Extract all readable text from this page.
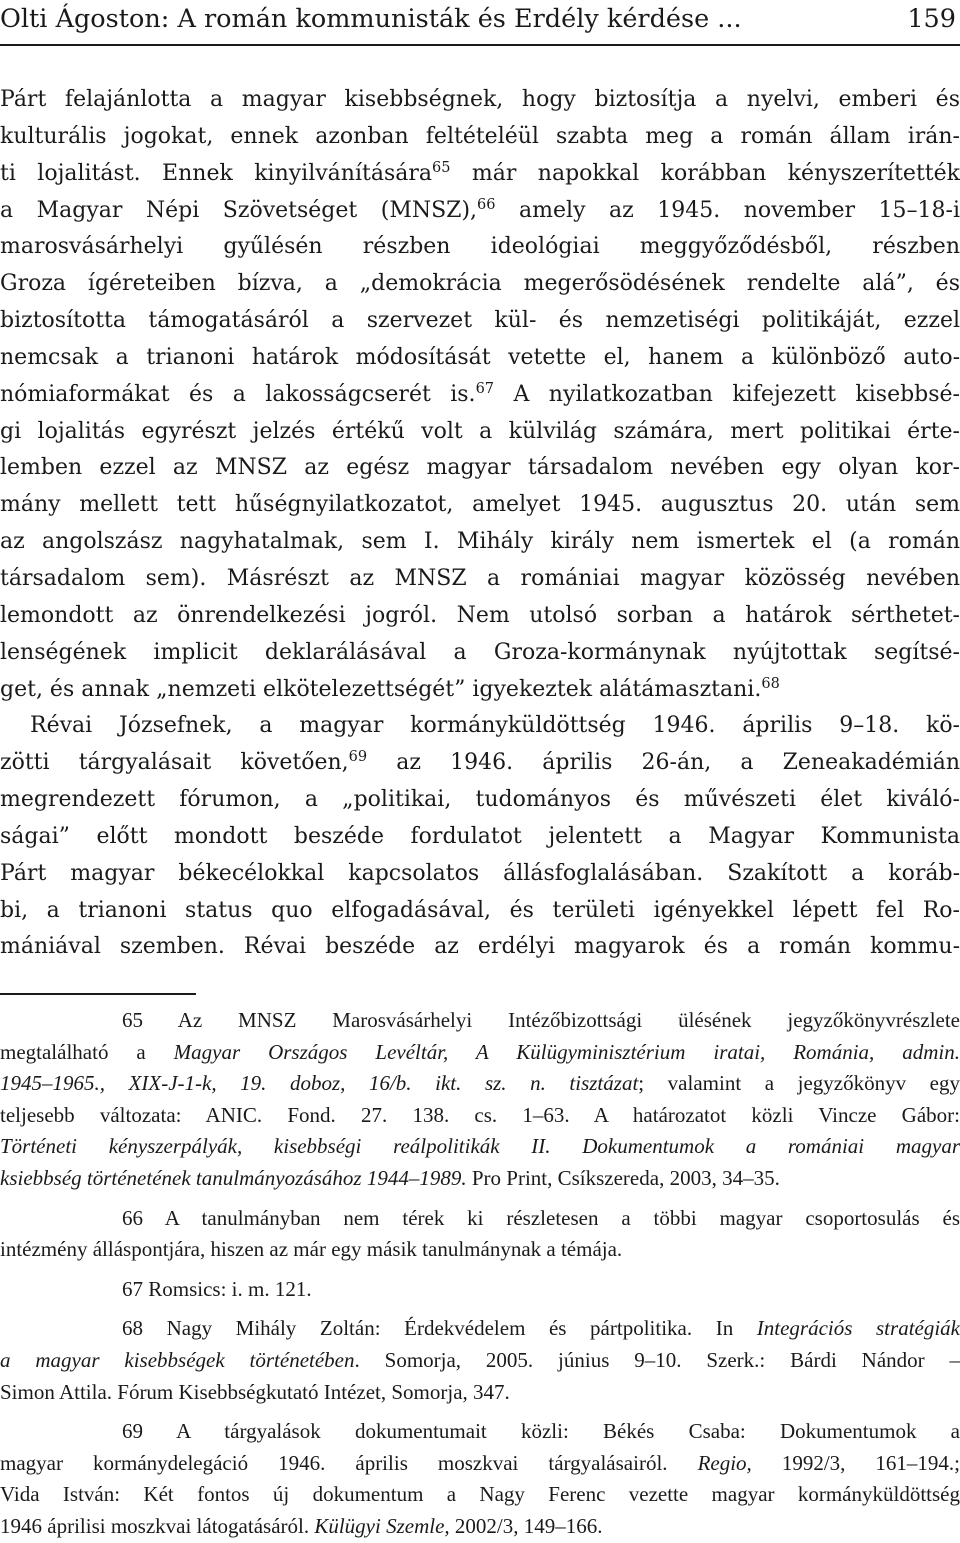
Olti Ágoston: A román kommunisták és Erdély kérdése ...	159
Párt felajánlotta a magyar kisebbségnek, hogy biztosítja a nyelvi, emberi és
kulturális jogokat, ennek azonban feltételéül szabta meg a román állam irán-
ti lojalitást. Ennek kinyilvánítására$^{65}$ már napokkal korábban kényszerítették
a Magyar Népi Szövetséget (MNSZ),$^{66}$ amely az 1945. november 15–18-i
marosvásárhelyi gyűlésén részben ideológiai meggyőződésből, részben
Groza ígéreteiben bízva, a „demokrácia megerősödésének rendelte alá”, és
biztosította támogatásáról a szervezet kül- és nemzetiségi politikáját, ezzel
nemcsak a trianoni határok módosítását vetette el, hanem a különböző auto-
nómiaformákat és a lakosságcserét is.$^{67}$ A nyilatkozatban kifejezett kisebbsé-
gi lojalitás egyrészt jelzés értékű volt a külvilág számára, mert politikai érte-
lemben ezzel az MNSZ az egész magyar társadalom nevében egy olyan kor-
mány mellett tett hűségnyilatkozatot, amelyet 1945. augusztus 20. után sem
az angolszász nagyhatalmak, sem I. Mihály király nem ismertek el (a román
társadalom sem). Másrészt az MNSZ a romániai magyar közösség nevében
lemondott az önrendelkezési jogról. Nem utolsó sorban a határok sérthetet-
lenségének implicit deklarálásával a Groza-kormánynak nyújtottak segítsé-
get, és annak „nemzeti elkötelezettségét” igyekeztek alátámasztani.$^{68}$
Révai Józsefnek, a magyar kormányküldöttség 1946. április 9–18. kö-
zötti tárgyalásait követően,$^{69}$ az 1946. április 26-án, a Zeneakadémián
megrendezett fórumon, a „politikai, tudományos és művészeti élet kiváló-
ságai” előtt mondott beszéde fordulatot jelentett a Magyar Kommunista
Párt magyar békecélokkal kapcsolatos állásfoglalásában. Szakított a koráb-
bi, a trianoni status quo elfogadásával, és területi igényekkel lépett fel Ro-
mániával szemben. Révai beszéde az erdélyi magyarok és a román kommu-
65 Az MNSZ Marosvásárhelyi Intézőbizottsági ülésének jegyzőkönyvrészlete
megtalálható a Magyar Országos Levéltár, A Külügyminisztérium iratai, Románia, admin.
1945–1965., XIX-J-1-k, 19. doboz, 16/b. ikt. sz. n. tisztázat; valamint a jegyzőkönyv egy
teljesebb változata: ANIC. Fond. 27. 138. cs. 1–63. A határozatot közli Vincze Gábor:
Történeti kényszerpályák, kisebbségi reálpolitikák II. Dokumentumok a romániai magyar
ksiebbség történetének tanulmányozásához 1944–1989. Pro Print, Csíkszereda, 2003, 34–35.
66 A tanulmányban nem térek ki részletesen a többi magyar csoportosulás és
intézmény álláspontjára, hiszen az már egy másik tanulmánynak a témája.
67 Romsics: i. m. 121.
68 Nagy Mihály Zoltán: Érdekvédelem és pártpolitika. In Integrációs stratégiák
a magyar kisebbségek történetében. Somorja, 2005. június 9–10. Szerk.: Bárdi Nándor –
Simon Attila. Fórum Kisebbségkutató Intézet, Somorja, 347.
69 A tárgyalások dokumentumait közli: Békés Csaba: Dokumentumok a
magyar kormánydelegáció 1946. április moszkvai tárgyalásairól. Regio, 1992/3, 161–194.;
Vida István: Két fontos új dokumentum a Nagy Ferenc vezette magyar kormányküldöttség
1946 áprilisi moszkvai látogatásáról. Külügyi Szemle, 2002/3, 149–166.
